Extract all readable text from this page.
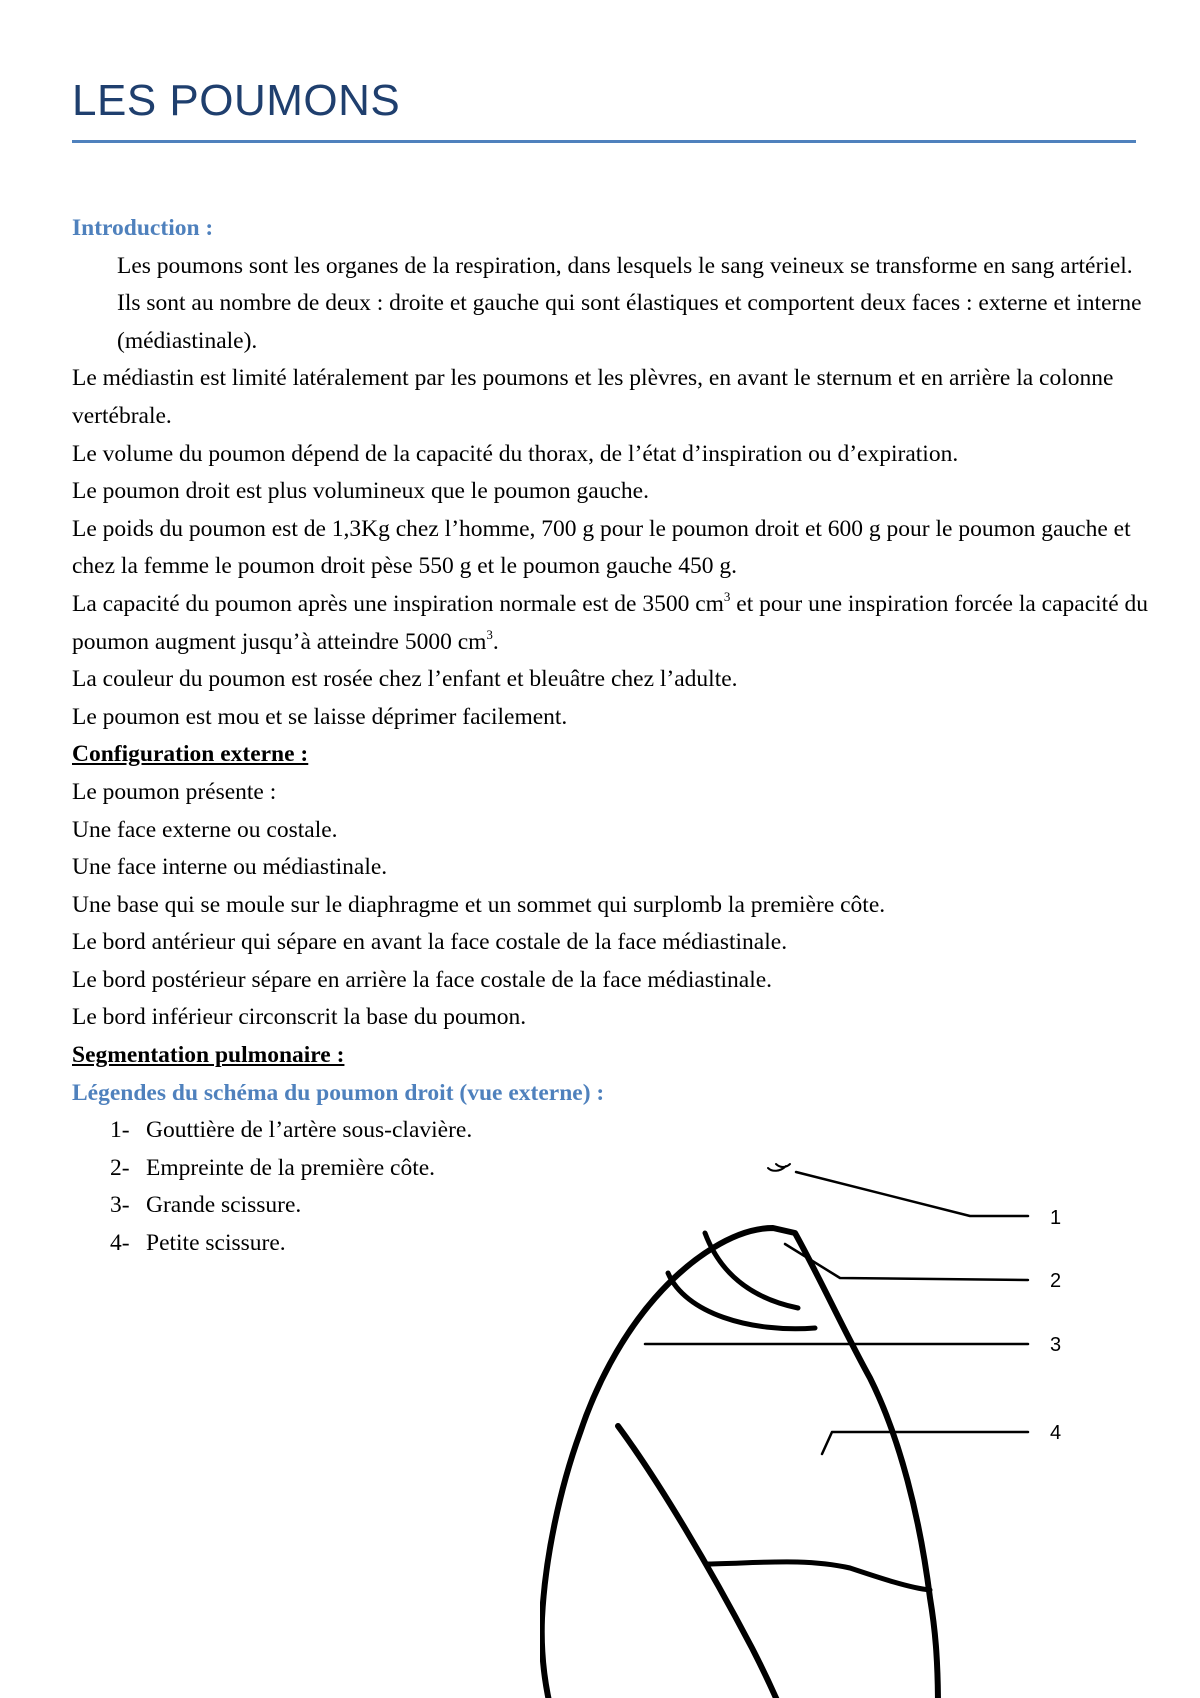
LES POUMONS

Introduction :

Les poumons sont les organes de la respiration, dans lesquels le sang veineux se transforme en sang artériel.

Ils sont au nombre de deux : droite et gauche qui sont élastiques et comportent deux faces : externe et interne (médiastinale).

Le médiastin est limité latéralement par les poumons et les plèvres, en avant le sternum et en arrière la colonne vertébrale.

Le volume du poumon dépend de la capacité du thorax, de l’état d’inspiration ou d’expiration.

Le poumon droit est plus volumineux que le poumon gauche.

Le poids du poumon est de 1,3Kg chez l’homme, 700 g pour le poumon droit et 600 g pour le poumon gauche et chez la femme le poumon droit pèse 550 g et le poumon gauche 450 g.

La capacité du poumon après une inspiration normale est de 3500 $cm^3$ et pour une inspiration forcée la capacité du poumon augment jusqu’à atteindre 5000 $cm^3$.

La couleur du poumon est rosée chez l’enfant et bleuâtre chez l’adulte.

Le poumon est mou et se laisse déprimer facilement.

Configuration externe :

Le poumon présente :

Une face externe ou costale.

Une face interne ou médiastinale.

Une base qui se moule sur le diaphragme et un sommet qui surplomb la première côte.

Le bord antérieur qui sépare en avant la face costale de la face médiastinale.

Le bord postérieur sépare en arrière la face costale de la face médiastinale.

Le bord inférieur circonscrit la base du poumon.

Segmentation pulmonaire :

Légendes du schéma du poumon droit (vue externe) :

1- Gouttière de l’artère sous-clavière.
2- Empreinte de la première côte.
3- Grande scissure.
4- Petite scissure.
1
2
3
4
